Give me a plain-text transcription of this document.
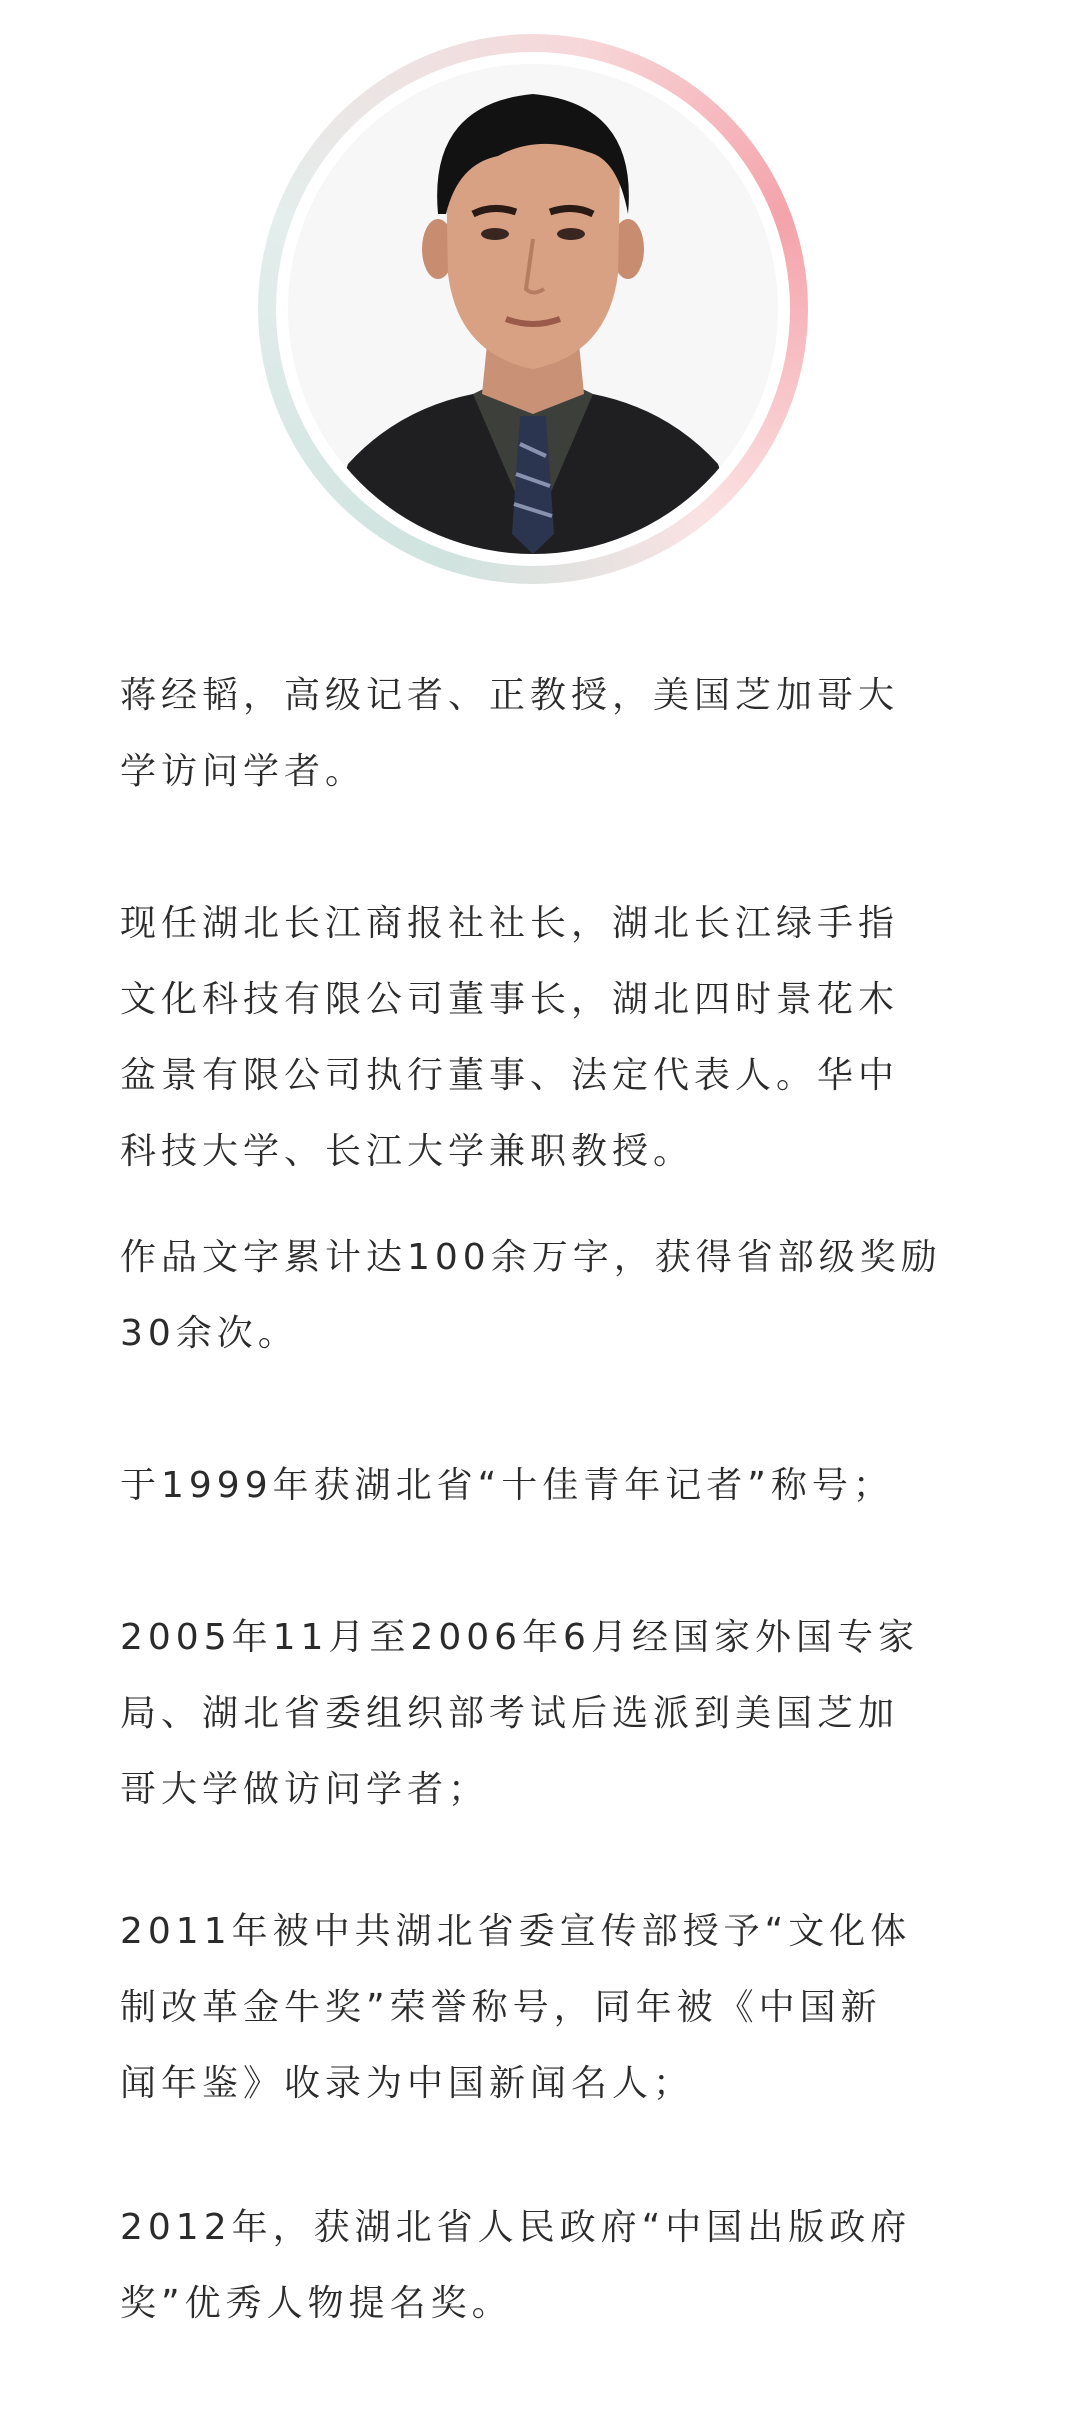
蒋经韬，高级记者、正教授，美国芝加哥大
学访问学者。

现任湖北长江商报社社长，湖北长江绿手指
文化科技有限公司董事长，湖北四时景花木
盆景有限公司执行董事、法定代表人。华中
科技大学、长江大学兼职教授。

作品文字累计达100余万字，获得省部级奖励
30余次。

于1999年获湖北省“十佳青年记者”称号；

2005年11月至2006年6月经国家外国专家
局、湖北省委组织部考试后选派到美国芝加
哥大学做访问学者；

2011年被中共湖北省委宣传部授予“文化体
制改革金牛奖”荣誉称号，同年被《中国新
闻年鉴》收录为中国新闻名人；

2012年，获湖北省人民政府“中国出版政府
奖”优秀人物提名奖。
